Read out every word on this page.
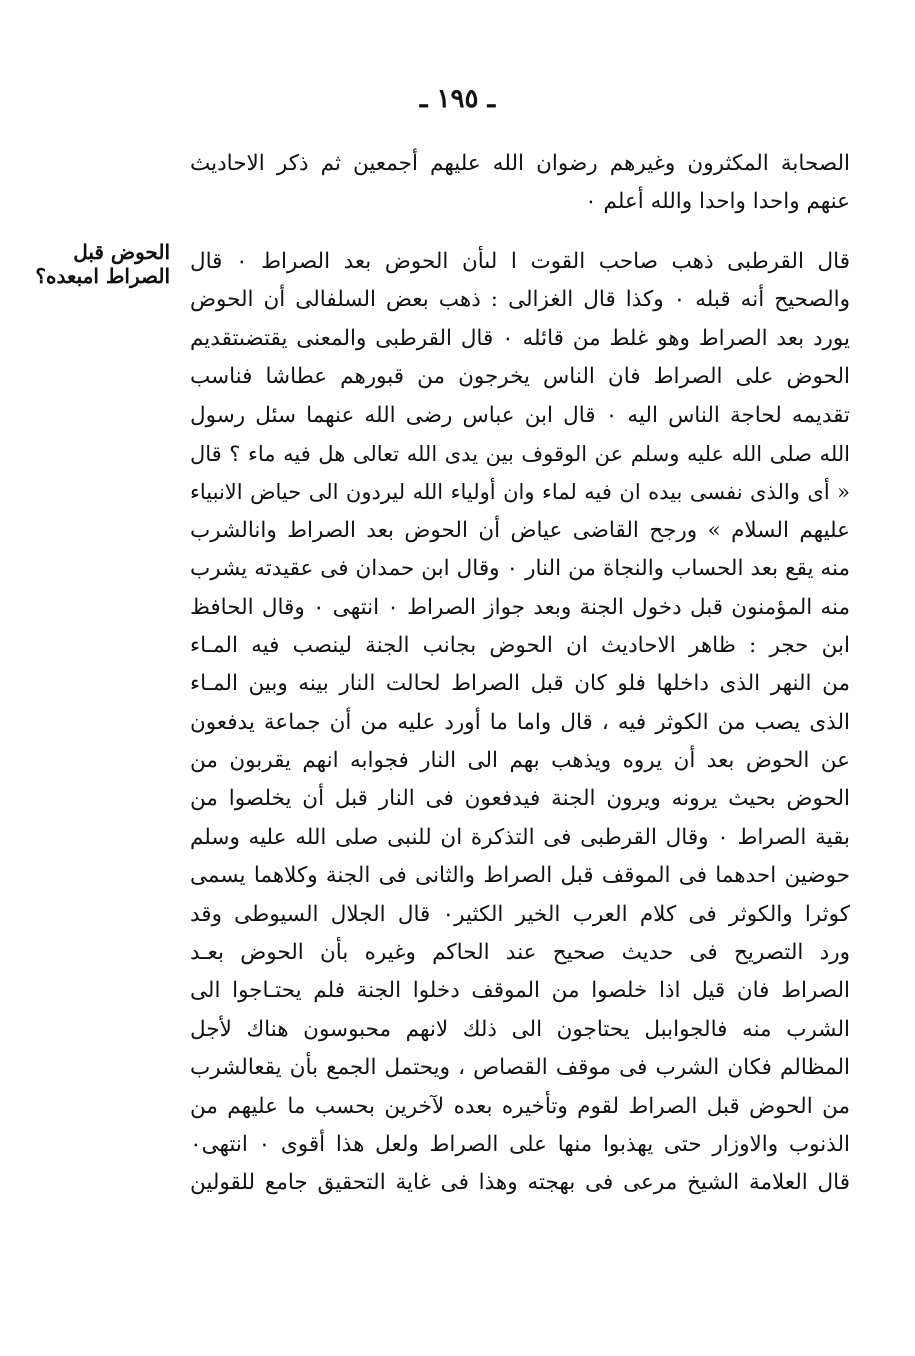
ـ ١٩٥ ـ
الصحابة المكثرون وغيرهم رضوان الله عليهم أجمعين ثم ذكر الاحاديث
عنهم واحدا واحدا والله أعلم ٠
الحوض قبل
الصراط امبعده؟
قال القرطبى ذهب صاحب القوت ا لىأن الحوض بعد الصراط ٠ قال
والصحيح أنه قبله ٠ وكذا قال الغزالى : ذهب بعض السلفالى أن الحوض
يورد بعد الصراط وهو غلط من قائله ٠ قال القرطبى والمعنى يقتضىتقديم
الحوض على الصراط فان الناس يخرجون من قبورهم عطاشا فناسب
تقديمه لحاجة الناس اليه ٠ قال ابن عباس رضى الله عنهما سئل رسول
الله صلى الله عليه وسلم عن الوقوف بين يدى الله تعالى هل فيه ماء ؟ قال
« أى والذى نفسى بيده ان فيه لماء وان أولياء الله ليردون الى حياض الانبياء
عليهم السلام » ورجح القاضى عياض أن الحوض بعد الصراط وانالشرب
منه يقع بعد الحساب والنجاة من النار ٠ وقال ابن حمدان فى عقيدته يشرب
منه المؤمنون قبل دخول الجنة وبعد جواز الصراط ٠ انتهى ٠ وقال الحافظ
ابن حجر : ظاهر الاحاديث ان الحوض بجانب الجنة لينصب فيه المـاء
من النهر الذى داخلها فلو كان قبل الصراط لحالت النار بينه وبين المـاء
الذى يصب من الكوثر فيه ، قال واما ما أورد عليه من أن جماعة يدفعون
عن الحوض بعد أن يروه ويذهب بهم الى النار فجوابه انهم يقربون من
الحوض بحيث يرونه ويرون الجنة فيدفعون فى النار قبل أن يخلصوا من
بقية الصراط ٠ وقال القرطبى فى التذكرة ان للنبى صلى الله عليه وسلم
حوضين احدهما فى الموقف قبل الصراط والثانى فى الجنة وكلاهما يسمى
كوثرا والكوثر فى كلام العرب الخير الكثير٠ قال الجلال السيوطى وقد
ورد التصريح فى حديث صحيح عند الحاكم وغيره بأن الحوض بعـد
الصراط فان قيل اذا خلصوا من الموقف دخلوا الجنة فلم يحتـاجوا الى
الشرب منه فالجواببل يحتاجون الى ذلك لانهم محبوسون هناك لأجل
المظالم فكان الشرب فى موقف القصاص ، ويحتمل الجمع بأن يقعالشرب
من الحوض قبل الصراط لقوم وتأخيره بعده لآخرين بحسب ما عليهم من
الذنوب والاوزار حتى يهذبوا منها على الصراط ولعل هذا أقوى ٠ انتهى٠
قال العلامة الشيخ مرعى فى بهجته وهذا فى غاية التحقيق جامع للقولين
